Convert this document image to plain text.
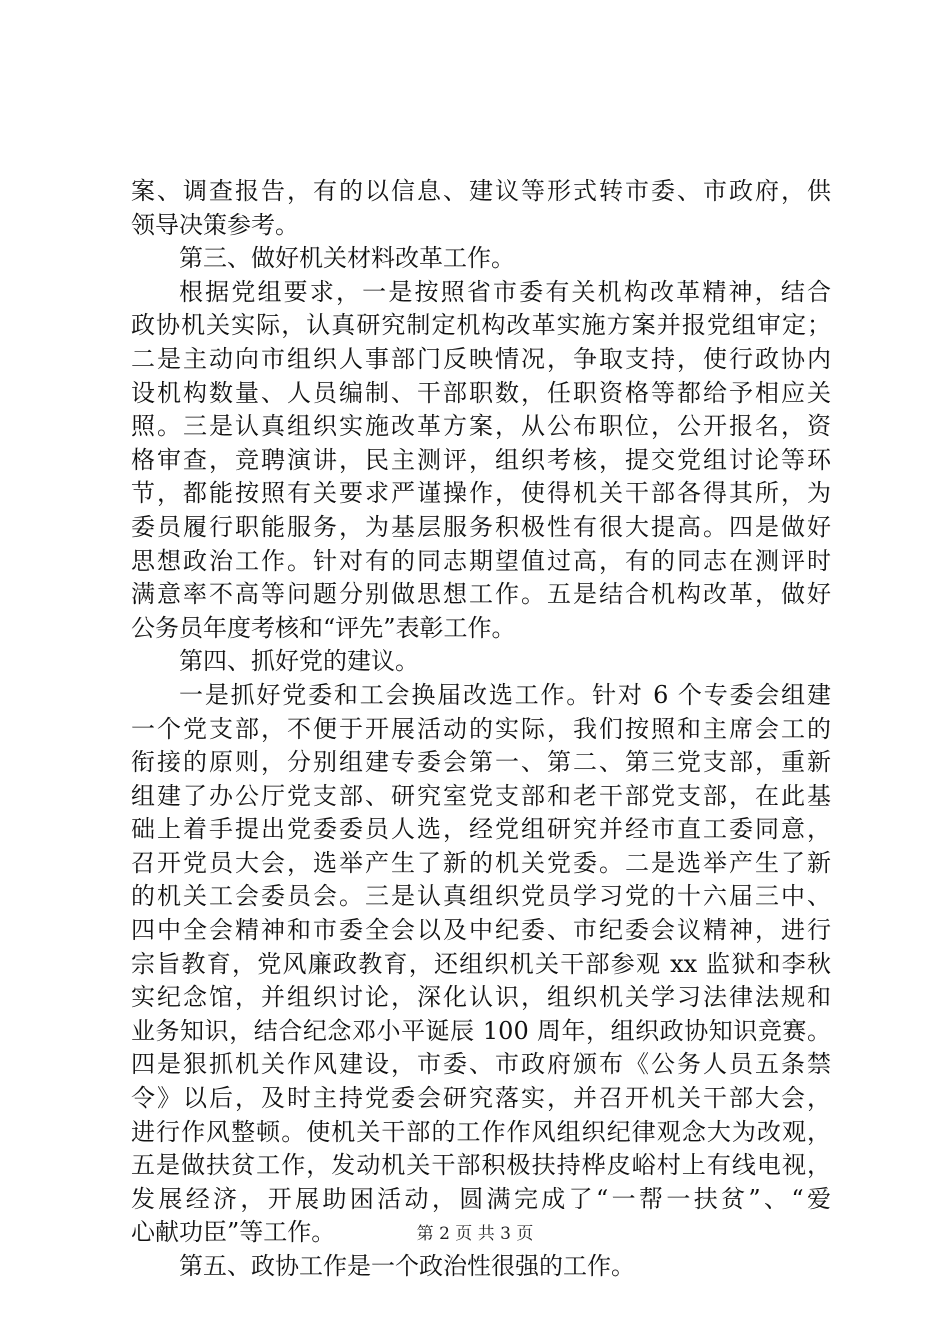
案、调查报告，有的以信息、建议等形式转市委、市政府，供
领导决策参考。
第三、做好机关材料改革工作。
根据党组要求，一是按照省市委有关机构改革精神，结合
政协机关实际，认真研究制定机构改革实施方案并报党组审定；
二是主动向市组织人事部门反映情况，争取支持，使行政协内
设机构数量、人员编制、干部职数，任职资格等都给予相应关
照。三是认真组织实施改革方案，从公布职位，公开报名，资
格审查，竞聘演讲，民主测评，组织考核，提交党组讨论等环
节，都能按照有关要求严谨操作，使得机关干部各得其所，为
委员履行职能服务，为基层服务积极性有很大提高。四是做好
思想政治工作。针对有的同志期望值过高，有的同志在测评时
满意率不高等问题分别做思想工作。五是结合机构改革，做好
公务员年度考核和“评先”表彰工作。
第四、抓好党的建议。
一是抓好党委和工会换届改选工作。针对 6 个专委会组建
一个党支部，不便于开展活动的实际，我们按照和主席会工的
衔接的原则，分别组建专委会第一、第二、第三党支部，重新
组建了办公厅党支部、研究室党支部和老干部党支部，在此基
础上着手提出党委委员人选，经党组研究并经市直工委同意，
召开党员大会，选举产生了新的机关党委。二是选举产生了新
的机关工会委员会。三是认真组织党员学习党的十六届三中、
四中全会精神和市委全会以及中纪委、市纪委会议精神，进行
宗旨教育，党风廉政教育，还组织机关干部参观 xx 监狱和李秋
实纪念馆，并组织讨论，深化认识，组织机关学习法律法规和
业务知识，结合纪念邓小平诞辰 100 周年，组织政协知识竞赛。
四是狠抓机关作风建设，市委、市政府颁布《公务人员五条禁
令》以后，及时主持党委会研究落实，并召开机关干部大会，
进行作风整顿。使机关干部的工作作风组织纪律观念大为改观，
五是做扶贫工作，发动机关干部积极扶持桦皮峪村上有线电视，
发展经济，开展助困活动，圆满完成了“一帮一扶贫”、“爱
心献功臣”等工作。
第五、政协工作是一个政治性很强的工作。
第 2 页 共 3 页
